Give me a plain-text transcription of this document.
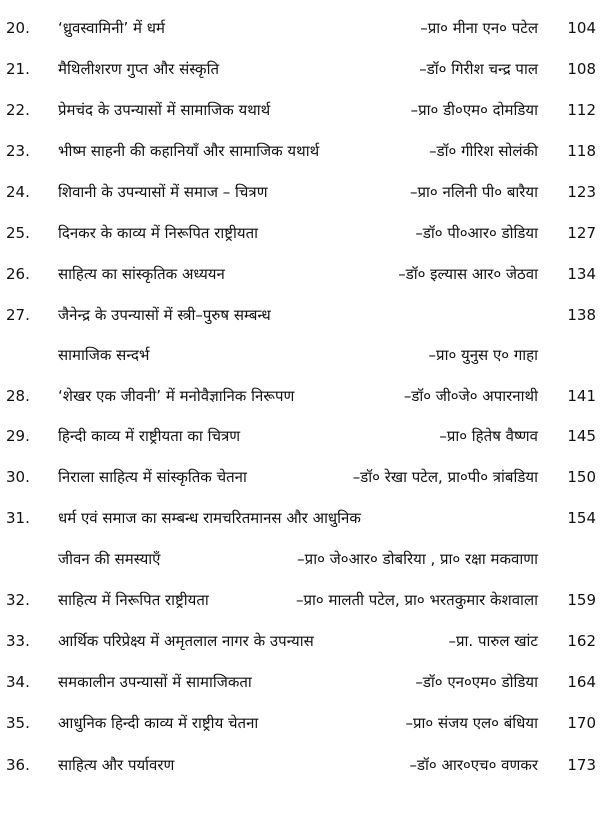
20.	‘ध्रुवस्वामिनी’ में धर्म	–प्रा० मीना एन० पटेल	104
21.	मैथिलीशरण गुप्त और संस्कृति	–डॉ० गिरीश चन्द्र पाल	108
22.	प्रेमचंद के उपन्यासों में सामाजिक यथार्थ	–प्रा० डी०एम० दोमडिया	112
23.	भीष्म साहनी की कहानियाँ और सामाजिक यथार्थ	–डॉ० गीरिश सोलंकी	118
24.	शिवानी के उपन्यासों में समाज – चित्रण	–प्रा० नलिनी पी० बारैया	123
25.	दिनकर के काव्य में निरूपित राष्ट्रीयता	–डॉ० पी०आर० डोडिया	127
26.	साहित्य का सांस्कृतिक अध्ययन	–डॉ० इल्यास आर० जेठवा	134
27.	जैनेन्द्र के उपन्यासों में स्त्री–पुरुष सम्बन्ध	138
सामाजिक सन्दर्भ	–प्रा० युनुस ए० गाहा
28.	‘शेखर एक जीवनी’ में मनोवैज्ञानिक निरूपण	–डॉ० जी०जे० अपारनाथी	141
29.	हिन्दी काव्य में राष्ट्रीयता का चित्रण	–प्रा० हितेष वैष्णव	145
30.	निराला साहित्य में सांस्कृतिक चेतना	–डॉ० रेखा पटेल, प्रा०पी० त्रांबडिया	150
31.	धर्म एवं समाज का सम्बन्ध रामचरितमानस और आधुनिक	154
जीवन की समस्याएँ	–प्रा० जे०आर० डोबरिया , प्रा० रक्षा मकवाणा
32.	साहित्य में निरूपित राष्ट्रीयता	–प्रा० मालती पटेल, प्रा० भरतकुमार केशवाला	159
33.	आर्थिक परिप्रेक्ष्य में अमृतलाल नागर के उपन्यास	–प्रा. पारुल खांट	162
34.	समकालीन उपन्यासों में सामाजिकता	–डॉ० एन०एम० डोडिया	164
35.	आधुनिक हिन्दी काव्य में राष्ट्रीय चेतना	–प्रा० संजय एल० बंधिया	170
36.	साहित्य और पर्यावरण	–डॉ० आर०एच० वणकर	173
